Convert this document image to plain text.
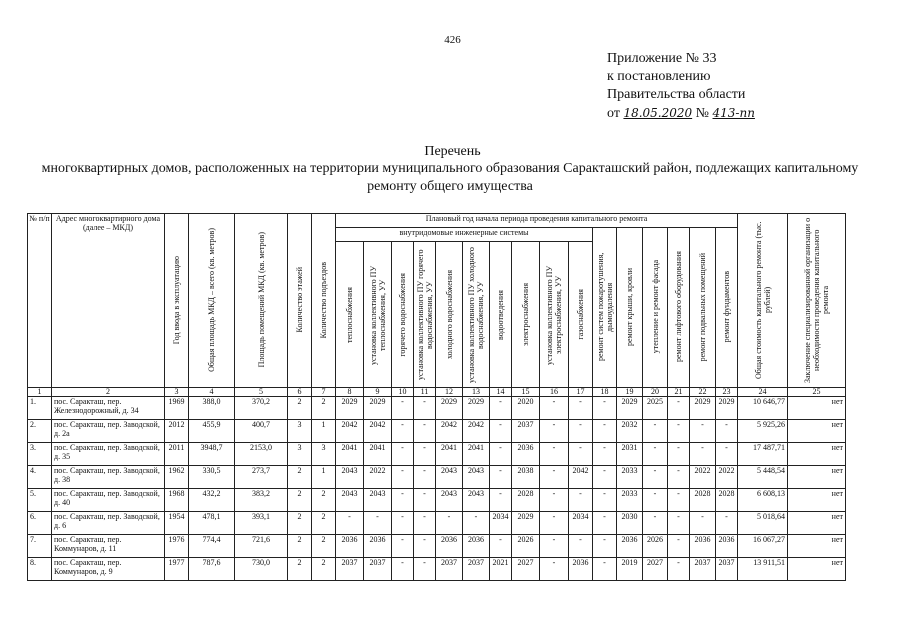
426
Приложение № 33
к постановлению
Правительства области
от 18.05.2020 № 413-пп
Перечень
многоквартирных домов, расположенных на территории муниципального образования Саракташский район, подлежащих капитальному ремонту общего имущества
№ п/п	Адрес многоквартирного дома (далее – МКД)	Год ввода в эксплуатацию	Общая площадь МКД – всего (кв. метров)	Площадь помещений МКД (кв. метров)	Количество этажей	Количество подъездов	Плановый год начала периода проведения капитального ремонта																Общая стоимость капитального ремонта (тыс. рублей)	Заключение специализированной организации о необходимости проведения капитального ремонта

							внутридомовые инженерные системы										ремонт систем пожаротушения, дымоудаления	ремонт крыши, кровли	утепление и ремонт фасада	ремонт лифтового оборудования	ремонт подвальных помещений	ремонт фундаментов		

							теплоснабжения	установка коллективного ПУ теплоснабжения, УУ	горячего водоснабжения	установка коллективного ПУ горячего водоснабжения, УУ	холодного водоснабжения	установка коллективного ПУ холодного водоснабжения, УУ	водоотведения	электроснабжения	установка коллективного ПУ электроснабжения, УУ	газоснабжения								

1	2	3	4	5	6	7	8	9	10	11	12	13	14	15	16	17	18	19	20	21	22	23	24	25
1.	пос. Саракташ, пер. Железнодорожный, д. 34	1969	388,0	370,2	2	2	2029	2029	-	-	2029	2029	-	2020	-	-	-	2029	2025	-	2029	2029	10 646,77	нет
2.	пос. Саракташ, пер. Заводской, д. 2а	2012	455,9	400,7	3	1	2042	2042	-	-	2042	2042	-	2037	-	-	-	2032	-	-	-	-	5 925,26	нет
3.	пос. Саракташ, пер. Заводской, д. 35	2011	3948,7	2153,0	3	3	2041	2041	-	-	2041	2041	-	2036	-	-	-	2031	-	-	-	-	17 487,71	нет
4.	пос. Саракташ, пер. Заводской, д. 38	1962	330,5	273,7	2	1	2043	2022	-	-	2043	2043	-	2038	-	2042	-	2033	-	-	2022	2022	5 448,54	нет
5.	пос. Саракташ, пер. Заводской, д. 40	1968	432,2	383,2	2	2	2043	2043	-	-	2043	2043	-	2028	-	-	-	2033	-	-	2028	2028	6 608,13	нет
6.	пос. Саракташ, пер. Заводской, д. 6	1954	478,1	393,1	2	2	-	-	-	-	-	-	2034	2029	-	2034	-	2030	-	-	-	-	5 018,64	нет
7.	пос. Саракташ, пер. Коммунаров, д. 11	1976	774,4	721,6	2	2	2036	2036	-	-	2036	2036	-	2026	-	-	-	2036	2026	-	2036	2036	16 067,27	нет
8.	пос. Саракташ, пер. Коммунаров, д. 9	1977	787,6	730,0	2	2	2037	2037	-	-	2037	2037	2021	2027	-	2036	-	2019	2027	-	2037	2037	13 911,51	нет
